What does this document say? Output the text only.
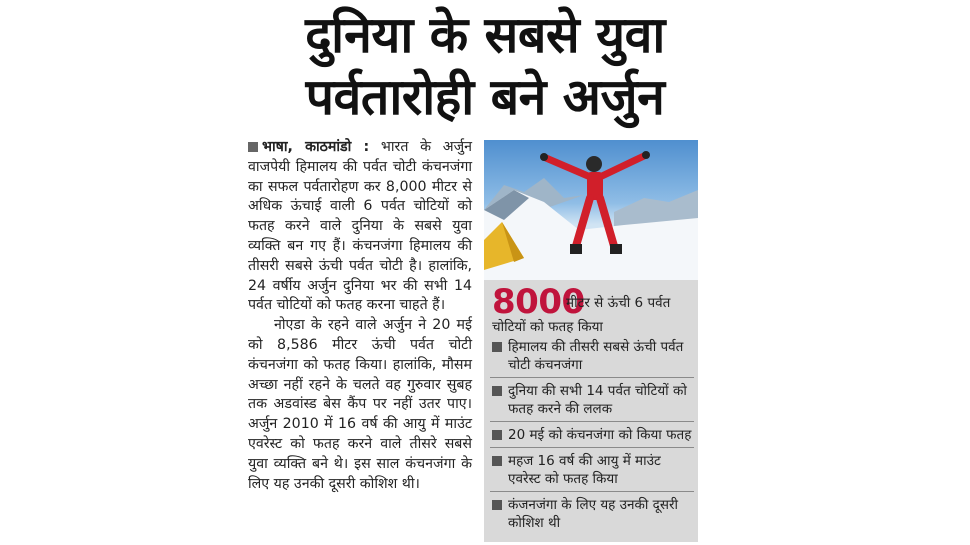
दुनिया के सबसे युवा
पर्वतारोही बने अर्जुन

भाषा, काठमांडो : भारत के अर्जुन वाजपेयी हिमालय की पर्वत चोटी कंचनजंगा का सफल पर्वतारोहण कर 8,000 मीटर से अधिक ऊंचाई वाली 6 पर्वत चोटियों को फतह करने वाले दुनिया के सबसे युवा व्यक्ति बन गए हैं। कंचनजंगा हिमालय की तीसरी सबसे ऊंची पर्वत चोटी है। हालांकि, 24 वर्षीय अर्जुन दुनिया भर की सभी 14 पर्वत चोटियों को फतह करना चाहते हैं।

नोएडा के रहने वाले अर्जुन ने 20 मई को 8,586 मीटर ऊंची पर्वत चोटी कंचनजंगा को फतह किया। हालांकि, मौसम अच्छा नहीं रहने के चलते वह गुरुवार सुबह तक अडवांस्ड बेस कैंप पर नहीं उतर पाए। अर्जुन 2010 में 16 वर्ष की आयु में माउंट एवरेस्ट को फतह करने वाले तीसरे सबसे युवा व्यक्ति बने थे। इस साल कंचनजंगा के लिए यह उनकी दूसरी कोशिश थी।

8000
मीटर से ऊंची 6 पर्वत
चोटियों को फतह किया
हिमालय की तीसरी सबसे ऊंची पर्वत चोटी कंचनजंगा
दुनिया की सभी 14 पर्वत चोटियों को फतह करने की ललक
20 मई को कंचनजंगा को किया फतह
महज 16 वर्ष की आयु में माउंट एवरेस्ट को फतह किया
कंजनजंगा के लिए यह उनकी दूसरी कोशिश थी
